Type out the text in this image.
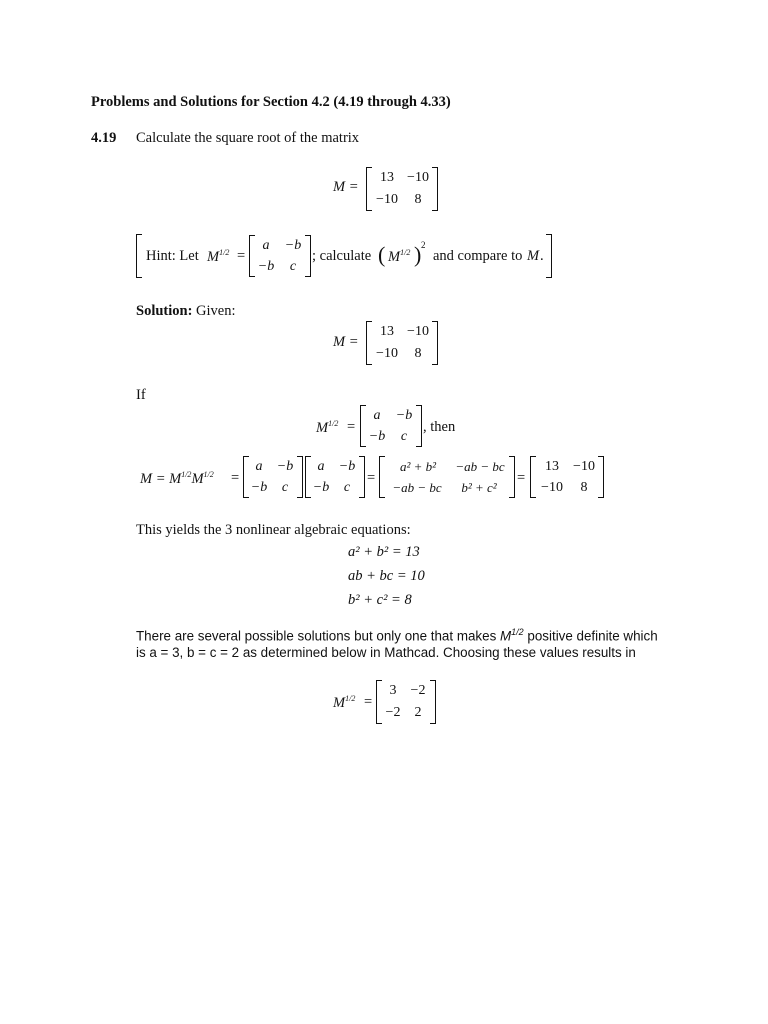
Problems and Solutions for Section 4.2 (4.19 through 4.33)
4.19 Calculate the square root of the matrix
M =
13 −10
−10	8
Hint: Let $M^{1/2}$ =
a	−b
−b	c
; calculate ( $M^{1/2}$ ) 2
and compare to M .
Solution: Given:
M =
13 −10
−10	8
If
$M^{1/2}$ =
a	−b
−b	c
, then
$M = M^{1/2}M^{1/2}$ =
a	−b
−b	c
a	−b
−b	c
=
a² + b²	−ab − bc
−ab − bc	b² + c²
=
13	−10
−10	8
This yields the 3 nonlinear algebraic equations:
a² + b² = 13
ab + bc = 10
b² + c² = 8
There are several possible solutions but only one that makes $M^{1/2}$ positive definite which
is a = 3, b = c = 2 as determined below in Mathcad. Choosing these values results in
$M^{1/2}$ =
3	−2
−2	2
